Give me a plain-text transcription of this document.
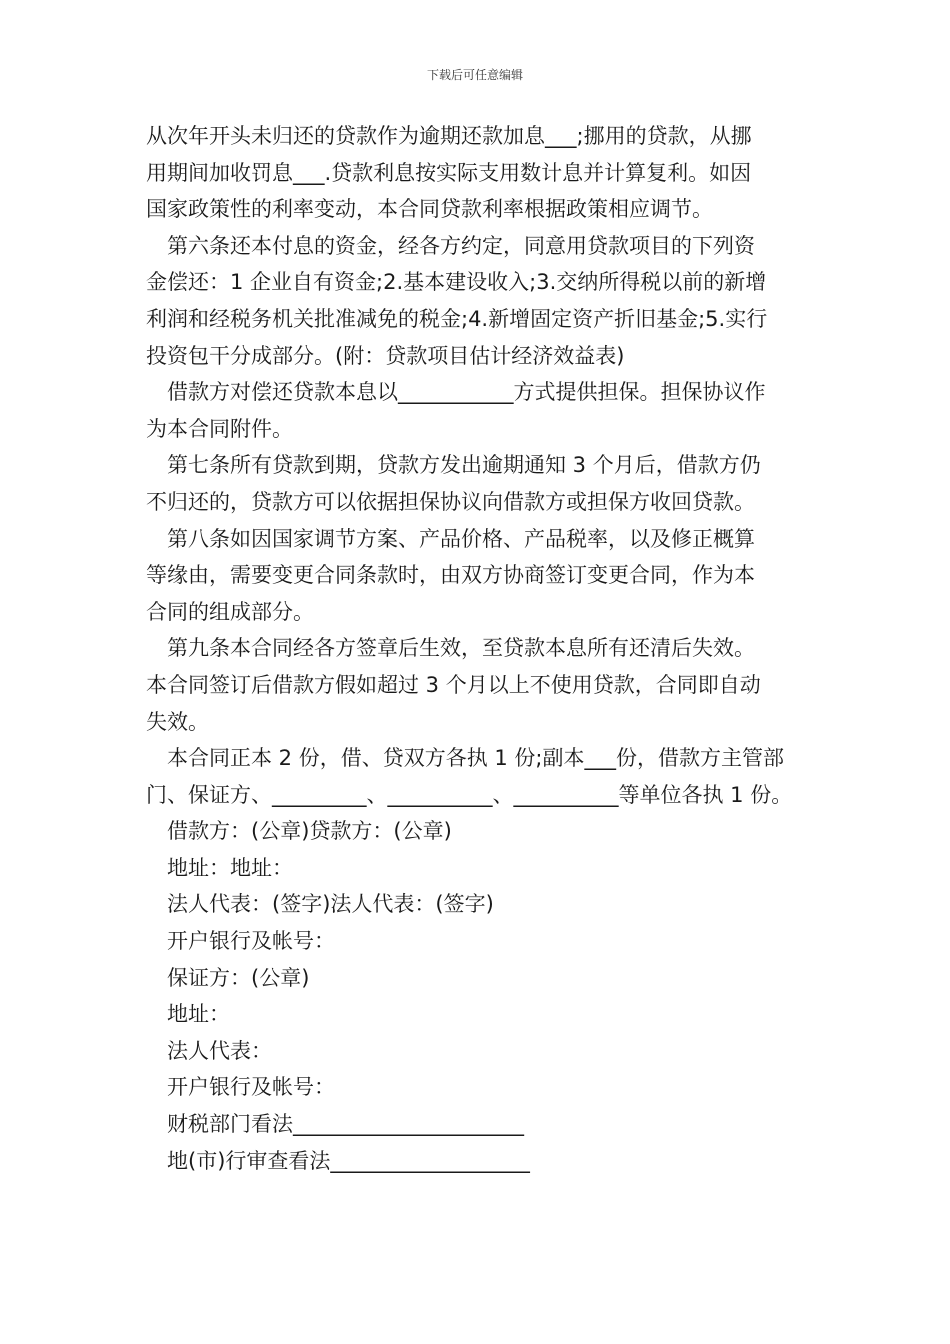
下载后可任意编辑
从次年开头未归还的贷款作为逾期还款加息___;挪用的贷款，从挪
用期间加收罚息___.贷款利息按实际支用数计息并计算复利。如因
国家政策性的利率变动，本合同贷款利率根据政策相应调节。
第六条还本付息的资金，经各方约定，同意用贷款项目的下列资
金偿还：1 企业自有资金;2.基本建设收入;3.交纳所得税以前的新增
利润和经税务机关批准减免的税金;4.新增固定资产折旧基金;5.实行
投资包干分成部分。(附：贷款项目估计经济效益表)
借款方对偿还贷款本息以___________方式提供担保。担保协议作
为本合同附件。
第七条所有贷款到期，贷款方发出逾期通知 3 个月后，借款方仍
不归还的，贷款方可以依据担保协议向借款方或担保方收回贷款。
第八条如因国家调节方案、产品价格、产品税率，以及修正概算
等缘由，需要变更合同条款时，由双方协商签订变更合同，作为本
合同的组成部分。
第九条本合同经各方签章后生效，至贷款本息所有还清后失效。
本合同签订后借款方假如超过 3 个月以上不使用贷款，合同即自动
失效。
本合同正本 2 份，借、贷双方各执 1 份;副本___份，借款方主管部
门、保证方、_________、__________、__________等单位各执 1 份。
借款方：(公章)贷款方：(公章)
地址：地址：
法人代表：(签字)法人代表：(签字)
开户银行及帐号：
保证方：(公章)
地址：
法人代表：
开户银行及帐号：
财税部门看法______________________
地(市)行审查看法___________________
